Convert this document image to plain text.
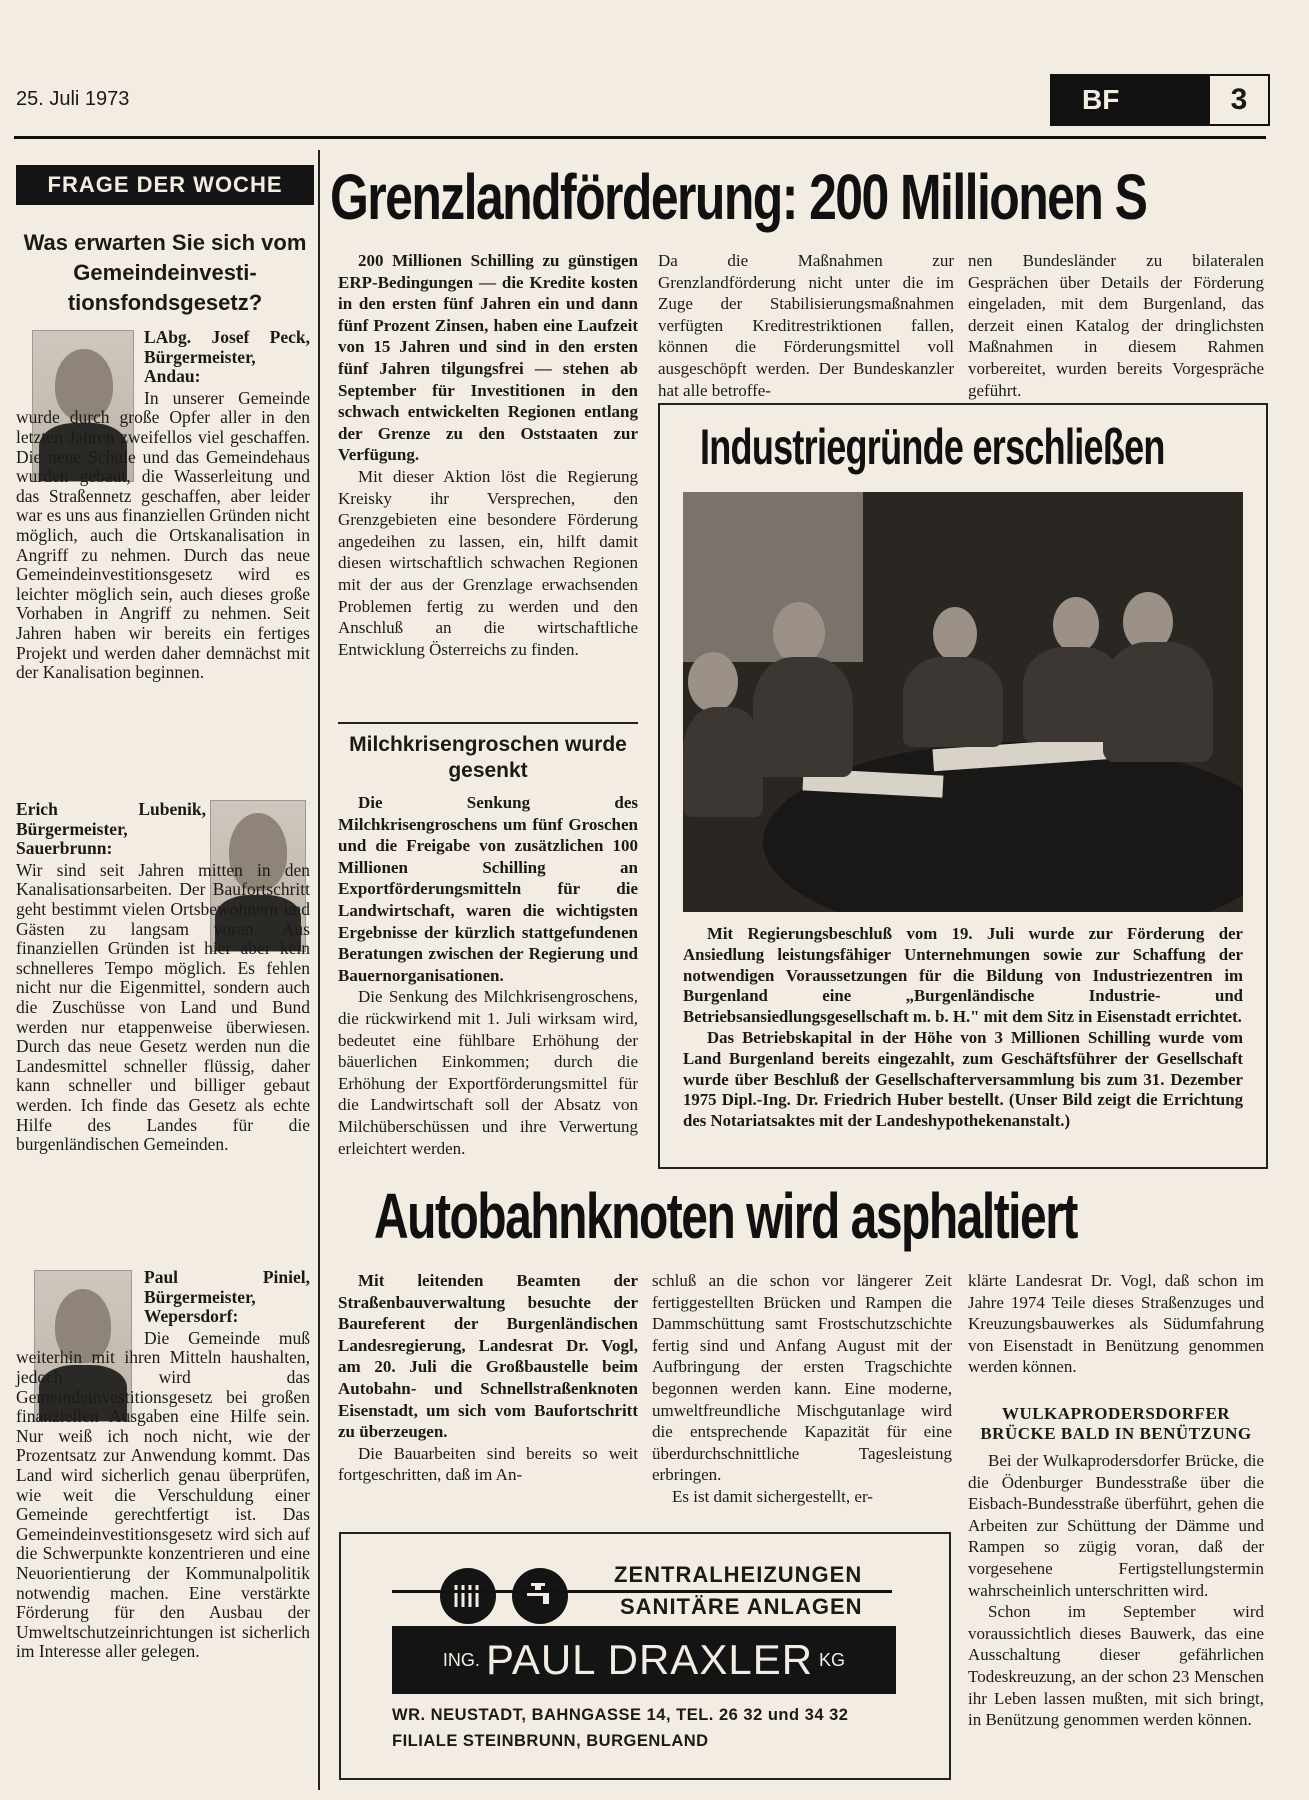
25. Juli 1973	BF	3
FRAGE DER WOCHE
Was erwarten Sie sich vom Gemeindeinvesti-tionsfondsgesetz?

LAbg. Josef Peck, Bürgermeister, Andau:

In unserer Gemeinde wurde durch große Opfer aller in den letzten Jahren zweifellos viel geschaffen. Die neue Schule und das Gemeindehaus wurden gebaut, die Wasserleitung und das Straßennetz geschaffen, aber leider war es uns aus finanziellen Gründen nicht möglich, auch die Ortskanalisation in Angriff zu nehmen. Durch das neue Gemeindeinvestitionsgesetz wird es leichter möglich sein, auch dieses große Vorhaben in Angriff zu nehmen. Seit Jahren haben wir bereits ein fertiges Projekt und werden daher demnächst mit der Kanalisation beginnen.

Erich Lubenik, Bürgermeister, Sauerbrunn:

Wir sind seit Jahren mitten in den Kanalisationsarbeiten. Der Baufortschritt geht bestimmt vielen Ortsbewohnern und Gästen zu langsam voran. Aus finanziellen Gründen ist hier aber kein schnelleres Tempo möglich. Es fehlen nicht nur die Eigenmittel, sondern auch die Zuschüsse von Land und Bund werden nur etappenweise überwiesen. Durch das neue Gesetz werden nun die Landesmittel schneller flüssig, daher kann schneller und billiger gebaut werden. Ich finde das Gesetz als echte Hilfe des Landes für die burgenländischen Gemeinden.

Paul Piniel, Bürgermeister, Wepersdorf:

Die Gemeinde muß weiterhin mit ihren Mitteln haushalten, jedoch wird das Gemeindeinvestitionsgesetz bei großen finanziellen Ausgaben eine Hilfe sein. Nur weiß ich noch nicht, wie der Prozentsatz zur Anwendung kommt. Das Land wird sicherlich genau überprüfen, wie weit die Verschuldung einer Gemeinde gerechtfertigt ist. Das Gemeindeinvestitionsgesetz wird sich auf die Schwerpunkte konzentrieren und eine Neuorientierung der Kommunalpolitik notwendig machen. Eine verstärkte Förderung für den Ausbau der Umweltschutzeinrichtungen ist sicherlich im Interesse aller gelegen.

Grenzlandförderung: 200 Millionen S
200 Millionen Schilling zu günstigen ERP-Bedingungen — die Kredite kosten in den ersten fünf Jahren ein und dann fünf Prozent Zinsen, haben eine Laufzeit von 15 Jahren und sind in den ersten fünf Jahren tilgungsfrei — stehen ab September für Investitionen in den schwach entwickelten Regionen entlang der Grenze zu den Oststaaten zur Verfügung.
Mit dieser Aktion löst die Regierung Kreisky ihr Versprechen, den Grenzgebieten eine besondere Förderung angedeihen zu lassen, ein, hilft damit diesen wirtschaftlich schwachen Regionen mit der aus der Grenzlage erwachsenden Problemen fertig zu werden und den Anschluß an die wirtschaftliche Entwicklung Österreichs zu finden.
Da die Maßnahmen zur Grenzlandförderung nicht unter die im Zuge der Stabilisierungsmaßnahmen verfügten Kreditrestriktionen fallen, können die Förderungsmittel voll ausgeschöpft werden. Der Bundeskanzler hat alle betroffe-
nen Bundesländer zu bilateralen Gesprächen über Details der Förderung eingeladen, mit dem Burgenland, das derzeit einen Katalog der dringlichsten Maßnahmen in diesem Rahmen vorbereitet, wurden bereits Vorgespräche geführt.
Milchkrisengroschen wurde gesenkt
Die Senkung des Milchkrisengroschens um fünf Groschen und die Freigabe von zusätzlichen 100 Millionen Schilling an Exportförderungsmitteln für die Landwirtschaft, waren die wichtigsten Ergebnisse der kürzlich stattgefundenen Beratungen zwischen der Regierung und Bauernorganisationen.
Die Senkung des Milchkrisengroschens, die rückwirkend mit 1. Juli wirksam wird, bedeutet eine fühlbare Erhöhung der bäuerlichen Einkommen; durch die Erhöhung der Exportförderungsmittel für die Landwirtschaft soll der Absatz von Milchüberschüssen und ihre Verwertung erleichtert werden.
Industriegründe erschließen
Mit Regierungsbeschluß vom 19. Juli wurde zur Förderung der Ansiedlung leistungsfähiger Unternehmungen sowie zur Schaffung der notwendigen Voraussetzungen für die Bildung von Industriezentren im Burgenland eine „Burgenländische Industrie- und Betriebsansiedlungsgesellschaft m. b. H." mit dem Sitz in Eisenstadt errichtet.
Das Betriebskapital in der Höhe von 3 Millionen Schilling wurde vom Land Burgenland bereits eingezahlt, zum Geschäftsführer der Gesellschaft wurde über Beschluß der Gesellschafterversammlung bis zum 31. Dezember 1975 Dipl.-Ing. Dr. Friedrich Huber bestellt. (Unser Bild zeigt die Errichtung des Notariatsaktes mit der Landeshypothekenanstalt.)
Autobahnknoten wird asphaltiert
Mit leitenden Beamten der Straßenbauverwaltung besuchte der Baureferent der Burgenländischen Landesregierung, Landesrat Dr. Vogl, am 20. Juli die Großbaustelle beim Autobahn- und Schnellstraßenknoten Eisenstadt, um sich vom Baufortschritt zu überzeugen.
Die Bauarbeiten sind bereits so weit fortgeschritten, daß im An-
schluß an die schon vor längerer Zeit fertiggestellten Brücken und Rampen die Dammschüttung samt Frostschutzschichte fertig sind und Anfang August mit der Aufbringung der ersten Tragschichte begonnen werden kann. Eine moderne, umweltfreundliche Mischgutanlage wird die entsprechende Kapazität für eine überdurchschnittliche Tagesleistung erbringen.
Es ist damit sichergestellt, er-
klärte Landesrat Dr. Vogl, daß schon im Jahre 1974 Teile dieses Straßenzuges und Kreuzungsbauwerkes als Südumfahrung von Eisenstadt in Benützung genommen werden können.
WULKAPRODERSDORFER BRÜCKE BALD IN BENÜTZUNG
Bei der Wulkaprodersdorfer Brücke, die die Ödenburger Bundesstraße über die Eisbach-Bundesstraße überführt, gehen die Arbeiten zur Schüttung der Dämme und Rampen so zügig voran, daß der vorgesehene Fertigstellungstermin wahrscheinlich unterschritten wird.
Schon im September wird voraussichtlich dieses Bauwerk, das eine Ausschaltung dieser gefährlichen Todeskreuzung, an der schon 23 Menschen ihr Leben lassen mußten, mit sich bringt, in Benützung genommen werden können.
ZENTRALHEIZUNGEN
SANITÄRE ANLAGEN
ING. PAUL DRAXLER KG
WR. NEUSTADT, BAHNGASSE 14, TEL. 26 32 und 34 32
FILIALE STEINBRUNN, BURGENLAND
